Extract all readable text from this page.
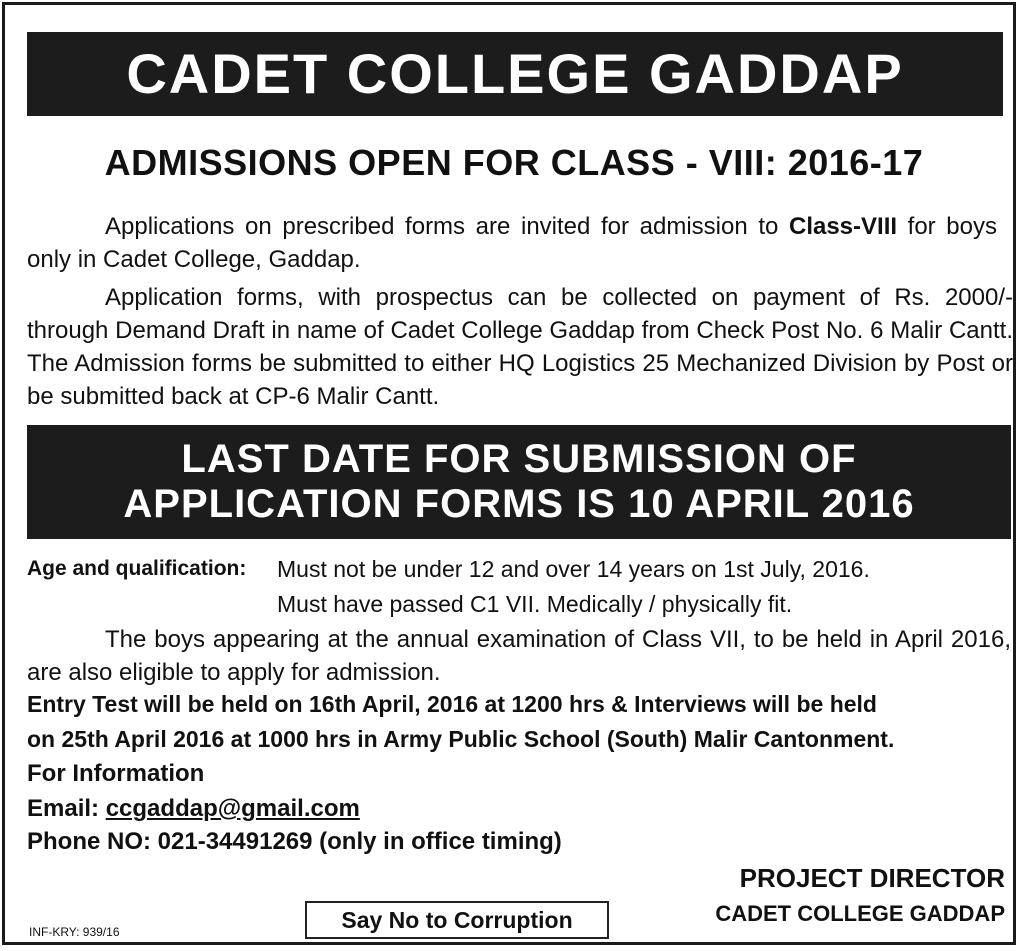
CADET COLLEGE GADDAP
ADMISSIONS OPEN FOR CLASS - VIII: 2016-17
Applications on prescribed forms are invited for admission to Class-VIII for boys only in Cadet College, Gaddap.
Application forms, with prospectus can be collected on payment of Rs. 2000/- through Demand Draft in name of Cadet College Gaddap from Check Post No. 6 Malir Cantt. The Admission forms be submitted to either HQ Logistics 25 Mechanized Division by Post or be submitted back at CP-6 Malir Cantt.
LAST DATE FOR SUBMISSION OF
APPLICATION FORMS IS 10 APRIL 2016
Age and qualification: Must not be under 12 and over 14 years on 1st July, 2016.
Must have passed C1 VII. Medically / physically fit.
The boys appearing at the annual examination of Class VII, to be held in April 2016, are also eligible to apply for admission.
Entry Test will be held on 16th April, 2016 at 1200 hrs & Interviews will be held
on 25th April 2016 at 1000 hrs in Army Public School (South) Malir Cantonment.
For Information
Email: ccgaddap@gmail.com
Phone NO: 021-34491269 (only in office timing)
PROJECT DIRECTOR
CADET COLLEGE GADDAP
Say No to Corruption
INF-KRY: 939/16
